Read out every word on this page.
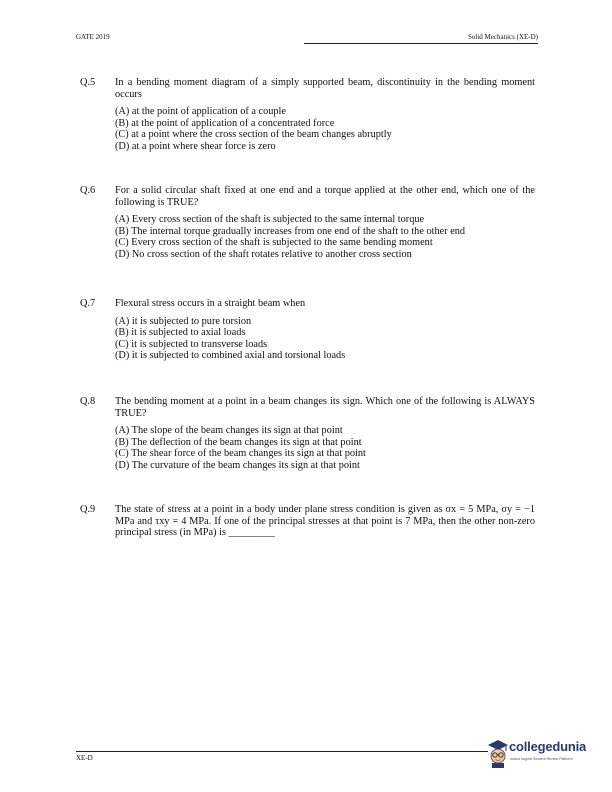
GATE 2019	Solid Mechanics (XE-D)
Q.5	In a bending moment diagram of a simply supported beam, discontinuity in the bending moment occurs
(A) at the point of application of a couple
(B) at the point of application of a concentrated force
(C) at a point where the cross section of the beam changes abruptly
(D) at a point where shear force is zero
Q.6	For a solid circular shaft fixed at one end and a torque applied at the other end, which one of the following is TRUE?
(A) Every cross section of the shaft is subjected to the same internal torque
(B) The internal torque gradually increases from one end of the shaft to the other end
(C) Every cross section of the shaft is subjected to the same bending moment
(D) No cross section of the shaft rotates relative to another cross section
Q.7	Flexural stress occurs in a straight beam when
(A) it is subjected to pure torsion
(B) it is subjected to axial loads
(C) it is subjected to transverse loads
(D) it is subjected to combined axial and torsional loads
Q.8	The bending moment at a point in a beam changes its sign. Which one of the following is ALWAYS TRUE?
(A) The slope of the beam changes its sign at that point
(B) The deflection of the beam changes its sign at that point
(C) The shear force of the beam changes its sign at that point
(D) The curvature of the beam changes its sign at that point
Q.9	The state of stress at a point in a body under plane stress condition is given as σx = 5 MPa, σy = −1 MPa and τxy = 4 MPa. If one of the principal stresses at that point is 7 MPa, then the other non-zero principal stress (in MPa) is _________
XE-D
collegedunia
India's largest Student Review Platform
